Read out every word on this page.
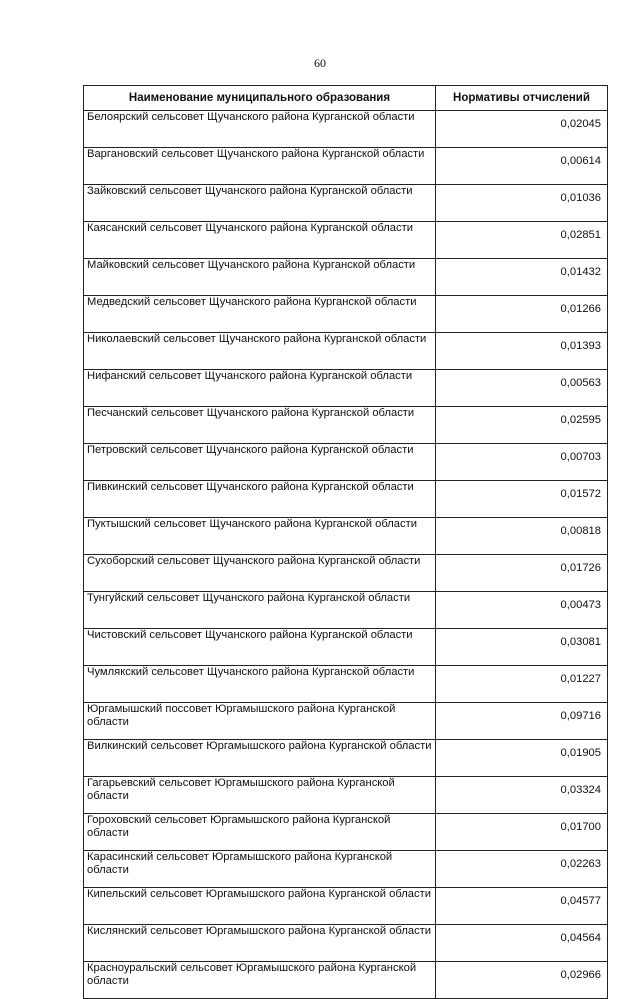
60
Наименование муниципального образования	Нормативы отчислений
Белоярский сельсовет Щучанского района Курганской области	0,02045
Варгановский сельсовет Щучанского района Курганской области	0,00614
Зайковский сельсовет Щучанского района Курганской области	0,01036
Каясанский сельсовет Щучанского района Курганской области	0,02851
Майковский сельсовет Щучанского района Курганской области	0,01432
Медведский сельсовет Щучанского района Курганской области	0,01266
Николаевский сельсовет Щучанского района Курганской области	0,01393
Нифанский сельсовет Щучанского района Курганской области	0,00563
Песчанский сельсовет Щучанского района Курганской области	0,02595
Петровский сельсовет Щучанского района Курганской области	0,00703
Пивкинский сельсовет Щучанского района Курганской области	0,01572
Пуктышский сельсовет Щучанского района Курганской области	0,00818
Сухоборский сельсовет Щучанского района Курганской области	0,01726
Тунгуйский сельсовет Щучанского района Курганской области	0,00473
Чистовский сельсовет Щучанского района Курганской области	0,03081
Чумлякский сельсовет Щучанского района Курганской области	0,01227
Юргамышский поссовет Юргамышского района Курганской области	0,09716
Вилкинский сельсовет Юргамышского района Курганской области	0,01905
Гагарьевский сельсовет Юргамышского района Курганской области	0,03324
Гороховский сельсовет Юргамышского района Курганской области	0,01700
Карасинский сельсовет Юргамышского района Курганской области	0,02263
Кипельский сельсовет Юргамышского района Курганской области	0,04577
Кислянский сельсовет Юргамышского района Курганской области	0,04564
Красноуральский сельсовет Юргамышского района Курганской области	0,02966
